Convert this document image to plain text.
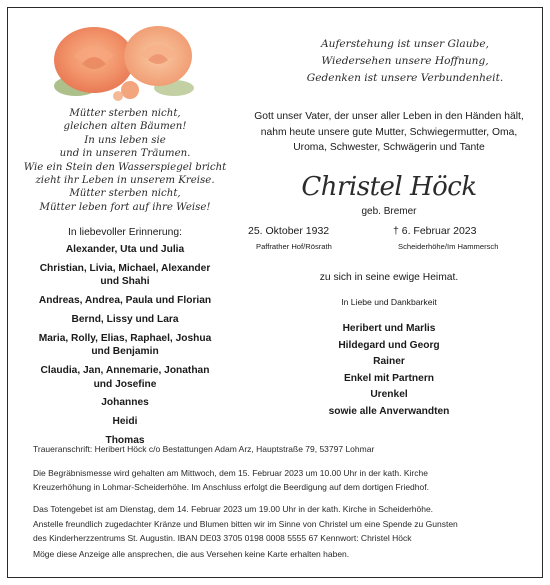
Mütter sterben nicht,
gleichen alten Bäumen!
In uns leben sie
und in unseren Träumen.
Wie ein Stein den Wasserspiegel bricht
zieht ihr Leben in unserem Kreise.
Mütter sterben nicht,
Mütter leben fort auf ihre Weise!
Auferstehung ist unser Glaube,
Wiedersehen unsere Hoffnung,
Gedenken ist unsere Verbundenheit.
Gott unser Vater, der unser aller Leben in den Händen hält,
nahm heute unsere gute Mutter, Schwiegermutter, Oma,
Uroma, Schwester, Schwägerin und Tante
Christel Höck
geb. Bremer
25. Oktober 1932	† 6. Februar 2023
Paffrather Hof/Rösrath	Scheiderhöhe/Im Hammersch
zu sich in seine ewige Heimat.
In Liebe und Dankbarkeit
Heribert und Marlis
Hildegard und Georg
Rainer
Enkel mit Partnern
Urenkel
sowie alle Anverwandten
In liebevoller Erinnerung:
Alexander, Uta und Julia
Christian, Livia, Michael, Alexander
und Shahi
Andreas, Andrea, Paula und Florian
Bernd, Lissy und Lara
Maria, Rolly, Elias, Raphael, Joshua
und Benjamin
Claudia, Jan, Annemarie, Jonathan
und Josefine
Johannes
Heidi
Thomas
Traueranschrift: Heribert Höck c/o Bestattungen Adam Arz, Hauptstraße 79, 53797 Lohmar
Die Begräbnismesse wird gehalten am Mittwoch, dem 15. Februar 2023 um 10.00 Uhr in der kath. Kirche
Kreuzerhöhung in Lohmar-Scheiderhöhe. Im Anschluss erfolgt die Beerdigung auf dem dortigen Friedhof.
Das Totengebet ist am Dienstag, dem 14. Februar 2023 um 19.00 Uhr in der kath. Kirche in Scheiderhöhe.
Anstelle freundlich zugedachter Kränze und Blumen bitten wir im Sinne von Christel um eine Spende zu Gunsten
des Kinderherzzentrums St. Augustin. IBAN DE03 3705 0198 0008 5555 67 Kennwort: Christel Höck
Möge diese Anzeige alle ansprechen, die aus Versehen keine Karte erhalten haben.
